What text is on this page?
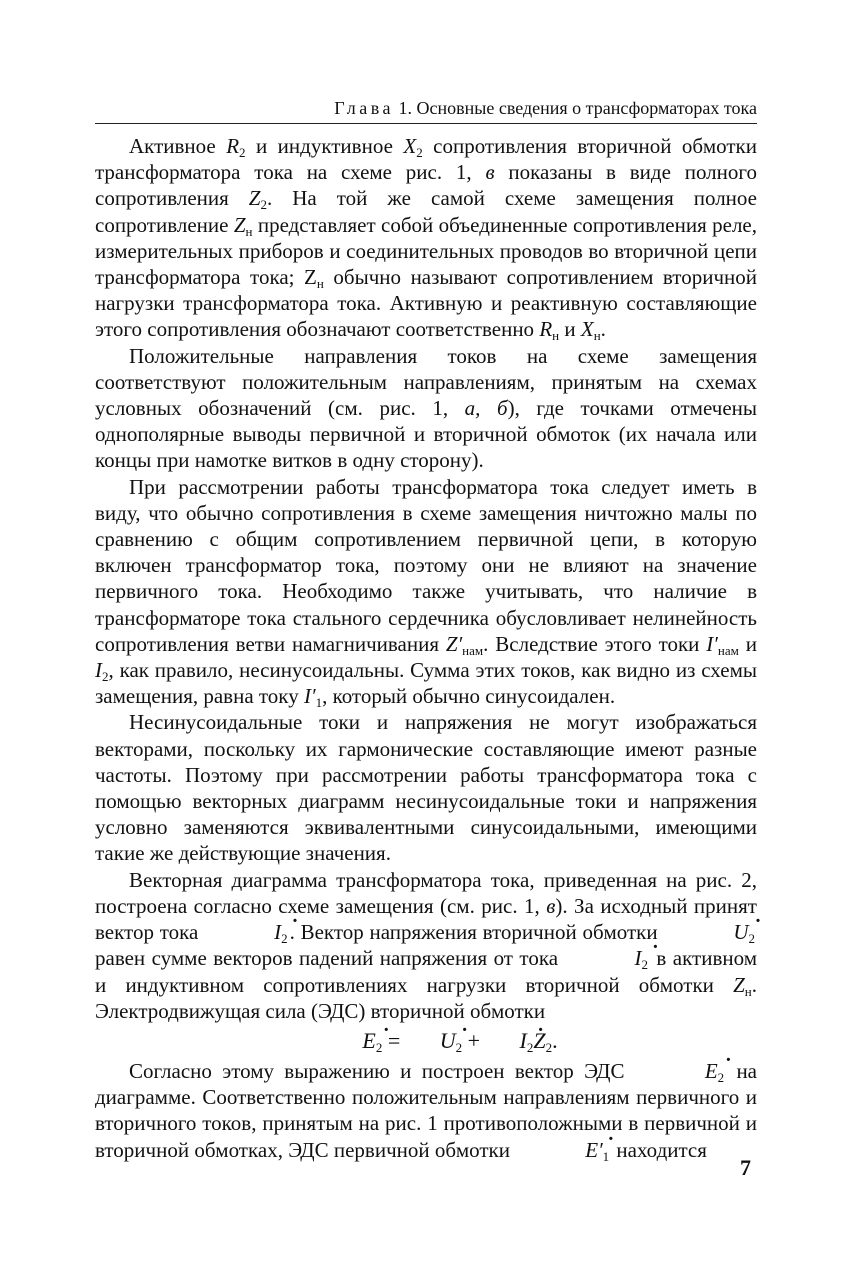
Глава 1. Основные сведения о трансформаторах тока

Активное $R_2$ и индуктивное $X_2$ сопротивления вторичной обмотки трансформатора тока на схеме рис. 1, в показаны в виде полного сопротивления $Z_2$. На той же самой схеме замещения полное сопротивление $Z_н$ представляет собой объединенные сопротивления реле, измерительных приборов и соединительных проводов во вторичной цепи трансформатора тока; $Z_н$ обычно называют сопротивлением вторичной нагрузки трансформатора тока. Активную и реактивную составляющие этого сопротивления обозначают соответственно $R_н$ и $X_н$.

Положительные направления токов на схеме замещения соответствуют положительным направлениям, принятым на схемах условных обозначений (см. рис. 1, а, б), где точками отмечены однополярные выводы первичной и вторичной обмоток (их начала или концы при намотке витков в одну сторону).

При рассмотрении работы трансформатора тока следует иметь в виду, что обычно сопротивления в схеме замещения ничтожно малы по сравнению с общим сопротивлением первичной цепи, в которую включен трансформатор тока, поэтому они не влияют на значение первичного тока. Необходимо также учитывать, что наличие в трансформаторе тока стального сердечника обусловливает нелинейность сопротивления ветви намагничивания $Z'_{нам}$. Вследствие этого токи $I'_{нам}$ и $I_2$, как правило, несинусоидальны. Сумма этих токов, как видно из схемы замещения, равна току $I'_1$, который обычно синусоидален.

Несинусоидальные токи и напряжения не могут изображаться векторами, поскольку их гармонические составляющие имеют разные частоты. Поэтому при рассмотрении работы трансформатора тока с помощью векторных диаграмм несинусоидальные токи и напряжения условно заменяются эквивалентными синусоидальными, имеющими такие же действующие значения.

Векторная диаграмма трансформатора тока, приведенная на рис. 2, построена согласно схеме замещения (см. рис. 1, в). За исходный принят вектор тока	. $I_2$. Вектор напряжения вторичной обмотки	. $U_2$ равен сумме векторов падений напряжения от тока	. $I_2$ в активном и индуктивном сопротивлениях нагрузки вторичной обмотки $Z_н$. Электродвижущая сила (ЭДС) вторичной обмотки

. $E_2$ = . $U_2$ + . $I_2Z_2$.

Согласно этому выражению и построен вектор ЭДС	. $E_2$ на диаграмме. Соответственно положительным направлениям первичного и вторичного токов, принятым на рис. 1 противоположными в первичной и вторичной обмотках, ЭДС первичной обмотки	. $E'_1$ находится

7
